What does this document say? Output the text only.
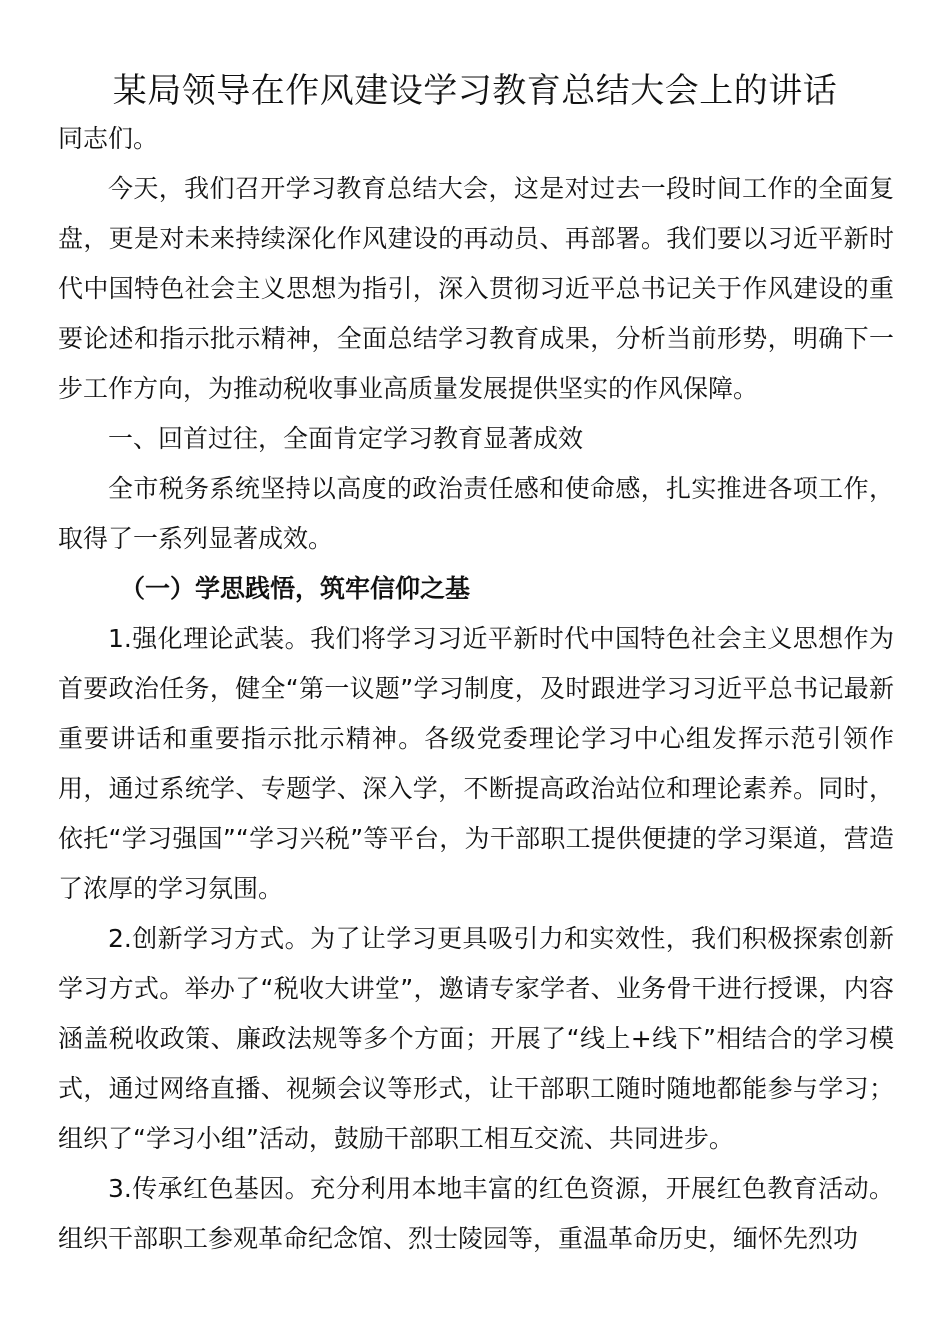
某局领导在作风建设学习教育总结大会上的讲话

同志们。

今天，我们召开学习教育总结大会，这是对过去一段时间工作的全面复盘，更是对未来持续深化作风建设的再动员、再部署。我们要以习近平新时代中国特色社会主义思想为指引，深入贯彻习近平总书记关于作风建设的重要论述和指示批示精神，全面总结学习教育成果，分析当前形势，明确下一步工作方向，为推动税收事业高质量发展提供坚实的作风保障。

一、回首过往，全面肯定学习教育显著成效

全市税务系统坚持以高度的政治责任感和使命感，扎实推进各项工作，取得了一系列显著成效。

（一）学思践悟，筑牢信仰之基

1.强化理论武装。我们将学习习近平新时代中国特色社会主义思想作为首要政治任务，健全“第一议题”学习制度，及时跟进学习习近平总书记最新重要讲话和重要指示批示精神。各级党委理论学习中心组发挥示范引领作用，通过系统学、专题学、深入学，不断提高政治站位和理论素养。同时，依托“学习强国”“学习兴税”等平台，为干部职工提供便捷的学习渠道，营造了浓厚的学习氛围。

2.创新学习方式。为了让学习更具吸引力和实效性，我们积极探索创新学习方式。举办了“税收大讲堂”，邀请专家学者、业务骨干进行授课，内容涵盖税收政策、廉政法规等多个方面；开展了“线上+线下”相结合的学习模式，通过网络直播、视频会议等形式，让干部职工随时随地都能参与学习；组织了“学习小组”活动，鼓励干部职工相互交流、共同进步。

3.传承红色基因。充分利用本地丰富的红色资源，开展红色教育活动。组织干部职工参观革命纪念馆、烈士陵园等，重温革命历史，缅怀先烈功
